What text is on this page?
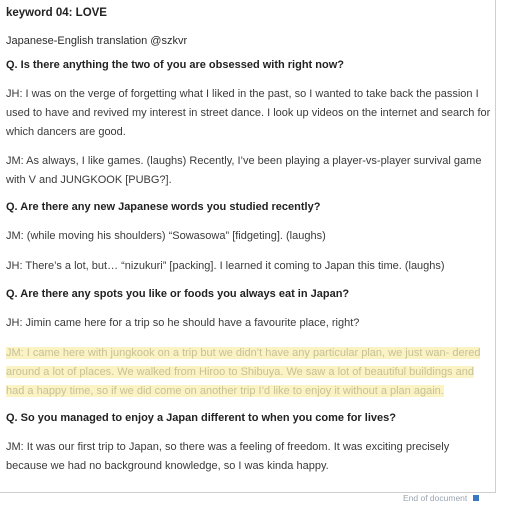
keyword 04: LOVE
Japanese-English translation @szkvr
Q. Is there anything the two of you are obsessed with right now?
JH: I was on the verge of forgetting what I liked in the past, so I wanted to take back the passion I used to have and revived my interest in street dance. I look up videos on the internet and search for which dancers are good.
JM: As always, I like games. (laughs) Recently, I’ve been playing a player-vs-player survival game with V and JUNGKOOK [PUBG?].
Q. Are there any new Japanese words you studied recently?
JM: (while moving his shoulders) “Sowasowa” [fidgeting]. (laughs)
JH: There’s a lot, but… “nizukuri” [packing]. I learned it coming to Japan this time. (laughs)
Q. Are there any spots you like or foods you always eat in Japan?
JH: Jimin came here for a trip so he should have a favourite place, right?
JM: I came here with jungkook on a trip but we didn’t have any particular plan, we just wan- dered around a lot of places. We walked from Hiroo to Shibuya. We saw a lot of beautiful buildings and had a happy time, so if we did come on another trip I’d like to enjoy it without a plan again.
Q. So you managed to enjoy a Japan different to when you come for lives?
JM: It was our first trip to Japan, so there was a feeling of freedom. It was exciting precisely because we had no background knowledge, so I was kinda happy.
End of document
